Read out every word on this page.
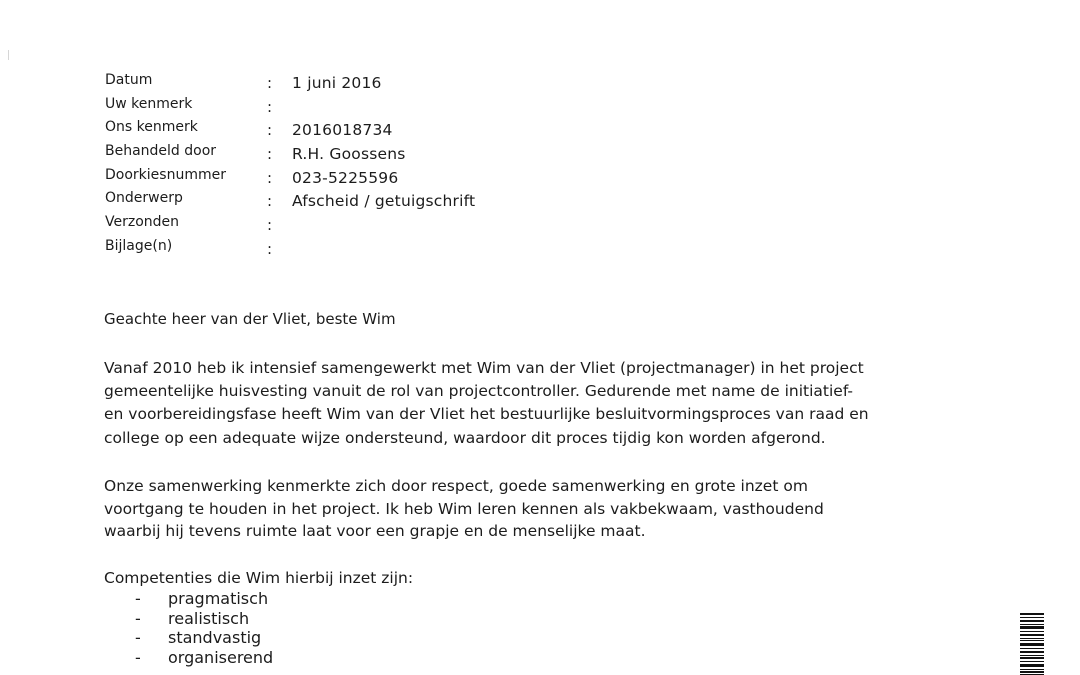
Datum	: 1 juni 2016
Uw kenmerk	:
Ons kenmerk	: 2016018734
Behandeld door	: R.H. Goossens
Doorkiesnummer	: 023-5225596
Onderwerp	: Afscheid / getuigschrift
Verzonden	:
Bijlage(n)	:

Geachte heer van der Vliet, beste Wim

Vanaf 2010 heb ik intensief samengewerkt met Wim van der Vliet (projectmanager) in het project
gemeentelijke huisvesting vanuit de rol van projectcontroller. Gedurende met name de initiatief-
en voorbereidingsfase heeft Wim van der Vliet het bestuurlijke besluitvormingsproces van raad en
college op een adequate wijze ondersteund, waardoor dit proces tijdig kon worden afgerond.

Onze samenwerking kenmerkte zich door respect, goede samenwerking en grote inzet om
voortgang te houden in het project. Ik heb Wim leren kennen als vakbekwaam, vasthoudend
waarbij hij tevens ruimte laat voor een grapje en de menselijke maat.

Competenties die Wim hierbij inzet zijn:

- pragmatisch
- realistisch
- standvastig
- organiserend
